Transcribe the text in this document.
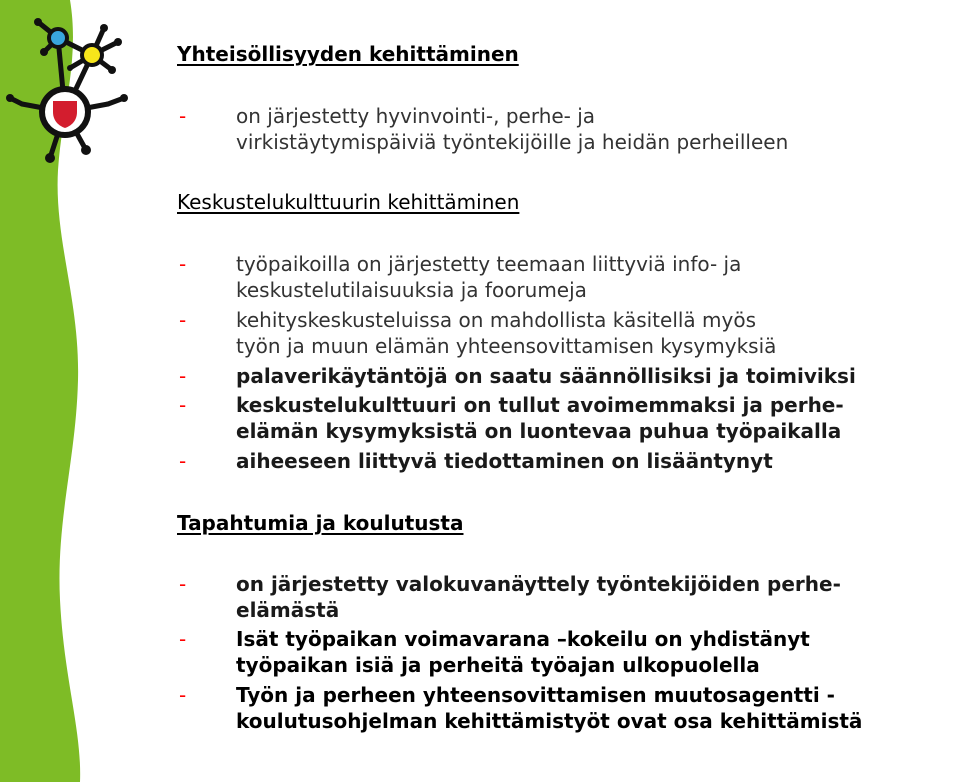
Yhteisöllisyyden kehittäminen
- on järjestetty hyvinvointi-, perhe- ja
virkistäytymispäiviä työntekijöille ja heidän perheilleen
Keskustelukulttuurin kehittäminen
- työpaikoilla on järjestetty teemaan liittyviä info- ja
keskustelutilaisuuksia ja foorumeja
- kehityskeskusteluissa on mahdollista käsitellä myös
työn ja muun elämän yhteensovittamisen kysymyksiä
- palaverikäytäntöjä on saatu säännöllisiksi ja toimiviksi
- keskustelukulttuuri on tullut avoimemmaksi ja perhe-
elämän kysymyksistä on luontevaa puhua työpaikalla
- aiheeseen liittyvä tiedottaminen on lisääntynyt
Tapahtumia ja koulutusta
- on järjestetty valokuvanäyttely työntekijöiden perhe-
elämästä
- Isät työpaikan voimavarana –kokeilu on yhdistänyt
työpaikan isiä ja perheitä työajan ulkopuolella
- Työn ja perheen yhteensovittamisen muutosagentti -
koulutusohjelman kehittämistyöt ovat osa kehittämistä
